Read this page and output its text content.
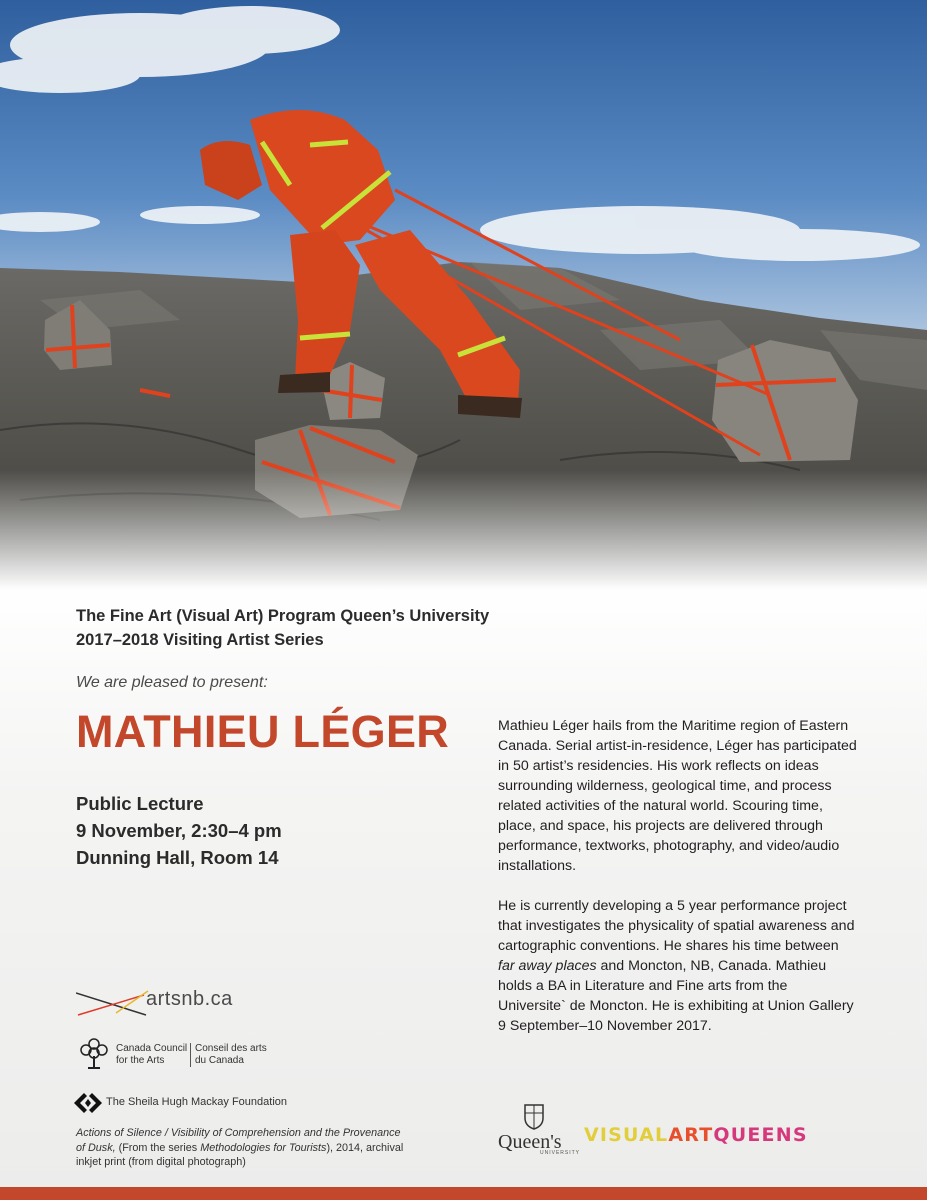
The Fine Art (Visual Art) Program Queen’s University
2017–2018 Visiting Artist Series
We are pleased to present:
MATHIEU LÉGER
Public Lecture
9 November, 2:30–4 pm
Dunning Hall, Room 14

Mathieu Léger hails from the Maritime region of Eastern Canada. Serial artist-in-residence, Léger has participated in 50 artist’s residencies. His work reflects on ideas surrounding wilderness, geological time, and process related activities of the natural world. Scouring time, place, and space, his projects are delivered through performance, textworks, photography, and video/audio installations.

He is currently developing a 5 year performance project that investigates the physicality of spatial awareness and cartographic conventions. He shares his time between far away places and Moncton, NB, Canada. Mathieu holds a BA in Literature and Fine arts from the Universite` de Moncton. He is exhibiting at Union Gallery 9 September–10 November 2017.

artsnb.ca
Canada Council
for the Arts
Conseil des arts
du Canada
The Sheila Hugh Mackay Foundation
Actions of Silence / Visibility of Comprehension and the Provenance of Dusk, (From the series Methodologies for Tourists), 2014, archival inkjet print (from digital photograph)
Queen's
UNIVERSITY
VISUALARTQUEENS
